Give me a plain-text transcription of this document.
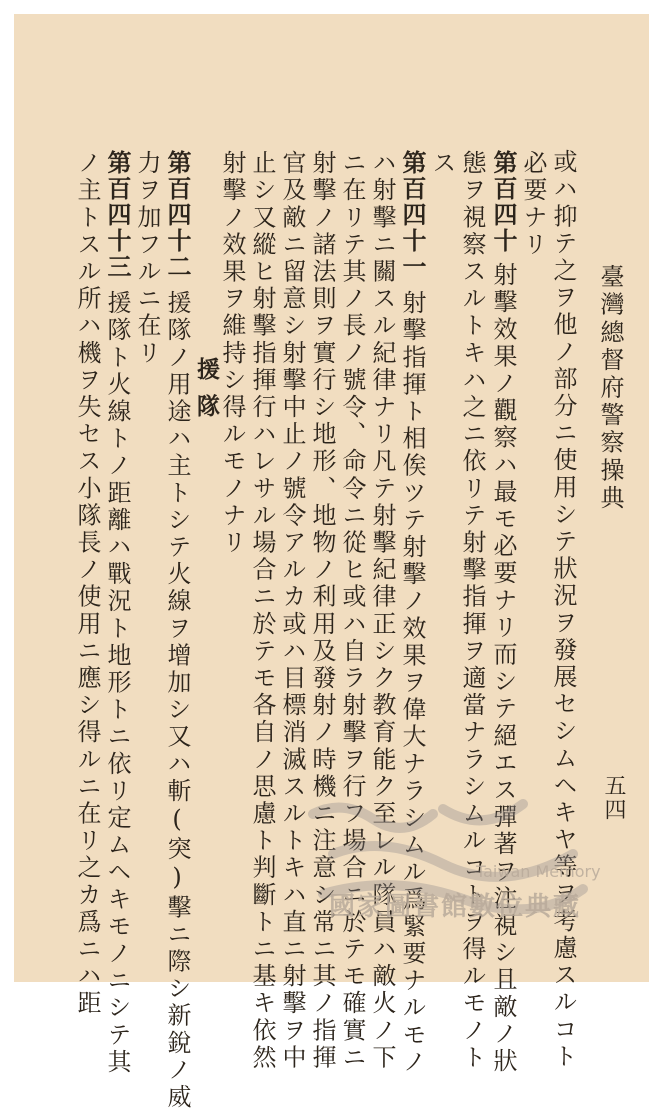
臺灣總督府警察操典
五四
或ハ抑テ之ヲ他ノ部分ニ使用シテ狀況ヲ發展セシムヘキヤ等ヲ考慮スルコト
必要ナリ
第百四十
射擊效果ノ觀察ハ最モ必要ナリ而シテ絕エス彈著ヲ注視シ且敵ノ狀
態ヲ視察スルトキハ之ニ依リテ射擊指揮ヲ適當ナラシムルコトヲ得ルモノト
ス
第百四十一
射擊指揮ト相俟ツテ射擊ノ效果ヲ偉大ナラシムル爲緊要ナルモノ
ハ射擊ニ關スル紀律ナリ凡テ射擊紀律正シク教育能ク至レル隊員ハ敵火ノ下
ニ在リテ其ノ長ノ號令、命令ニ從ヒ或ハ自ラ射擊ヲ行フ場合ニ於テモ確實ニ
射擊ノ諸法則ヲ實行シ地形、地物ノ利用及發射ノ時機ニ注意シ常ニ其ノ指揮
官及敵ニ留意シ射擊中止ノ號令アルカ或ハ目標消滅スルトキハ直ニ射擊ヲ中
止シ又縱ヒ射擊指揮行ハレサル場合ニ於テモ各自ノ思慮ト判斷トニ基キ依然
射擊ノ效果ヲ維持シ得ルモノナリ
援隊
第百四十二
援隊ノ用途ハ主トシテ火線ヲ增加シ又ハ斬(突)擊ニ際シ新銳ノ威
力ヲ加フルニ在リ
第百四十三
援隊ト火線トノ距離ハ戰況ト地形トニ依リ定ムヘキモノニシテ其
ノ主トスル所ハ機ヲ失セス小隊長ノ使用ニ應シ得ルニ在リ之カ爲ニハ距	Taiwan Memory
國家圖書館數位典藏
